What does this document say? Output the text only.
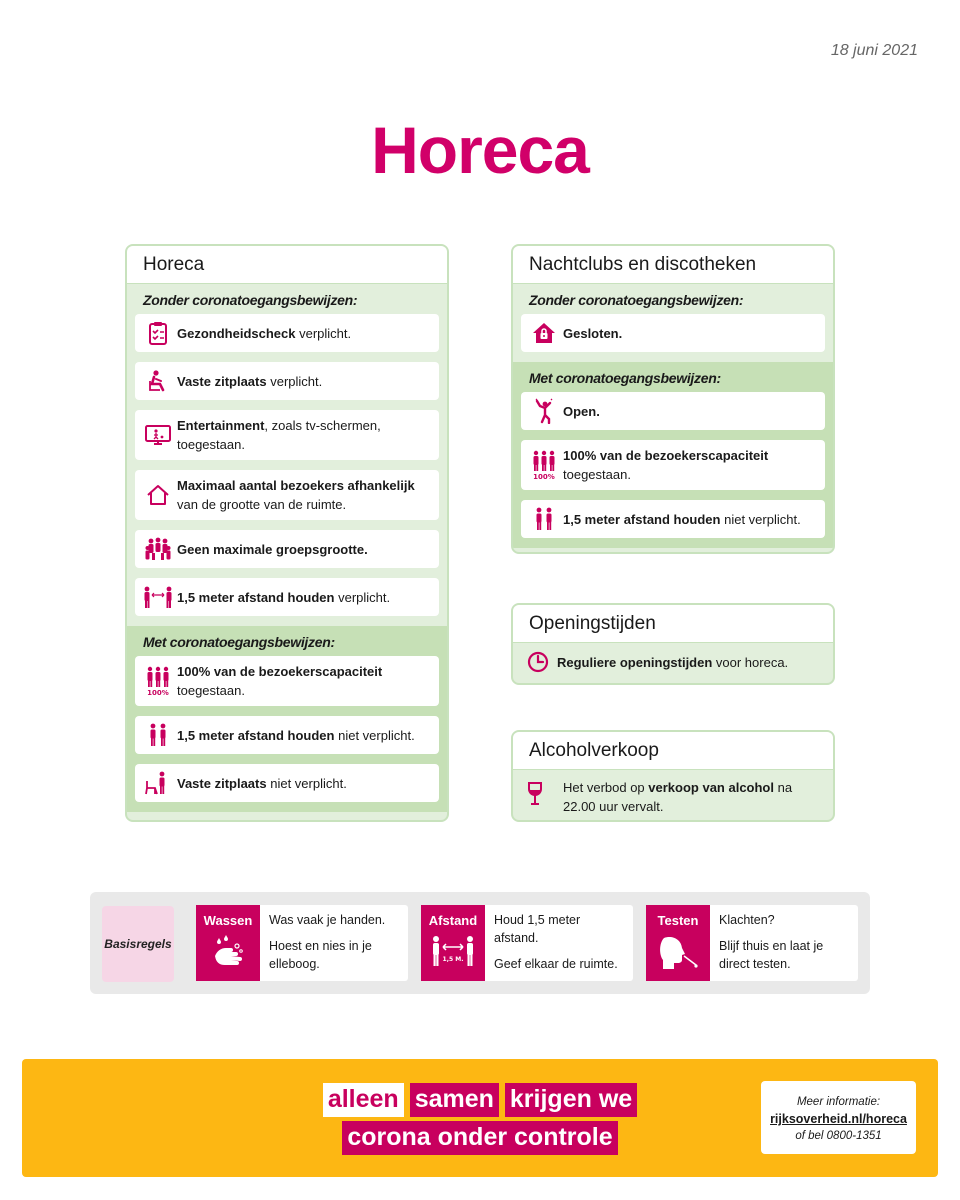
18 juni 2021
Horeca
Horeca
Zonder coronatoegangsbewijzen:
Gezondheidscheck verplicht.
Vaste zitplaats verplicht.
Entertainment, zoals tv-schermen, toegestaan.
Maximaal aantal bezoekers afhankelijk van de grootte van de ruimte.
Geen maximale groepsgrootte.
1,5 meter afstand houden verplicht.
Met coronatoegangsbewijzen:
100%
100% van de bezoekerscapaciteit toegestaan.
1,5 meter afstand houden niet verplicht.
Vaste zitplaats niet verplicht.
Nachtclubs en discotheken
Zonder coronatoegangsbewijzen:
Gesloten.
Met coronatoegangsbewijzen:
Open.
100%
100% van de bezoekerscapaciteit toegestaan.
1,5 meter afstand houden niet verplicht.
Openingstijden
Reguliere openingstijden voor horeca.
Alcoholverkoop
Het verbod op verkoop van alcohol na 22.00 uur vervalt.
Basisregels
Wassen Was vaak je handen.
Hoest en nies in je elleboog.
Afstand
1,5 M.
Houd 1,5 meter afstand.
Geef elkaar de ruimte.
Testen Klachten?
Blijf thuis en laat je direct testen.
alleen samen krijgen we
corona onder controle
Meer informatie:
rijksoverheid.nl/horeca
of bel 0800-1351
